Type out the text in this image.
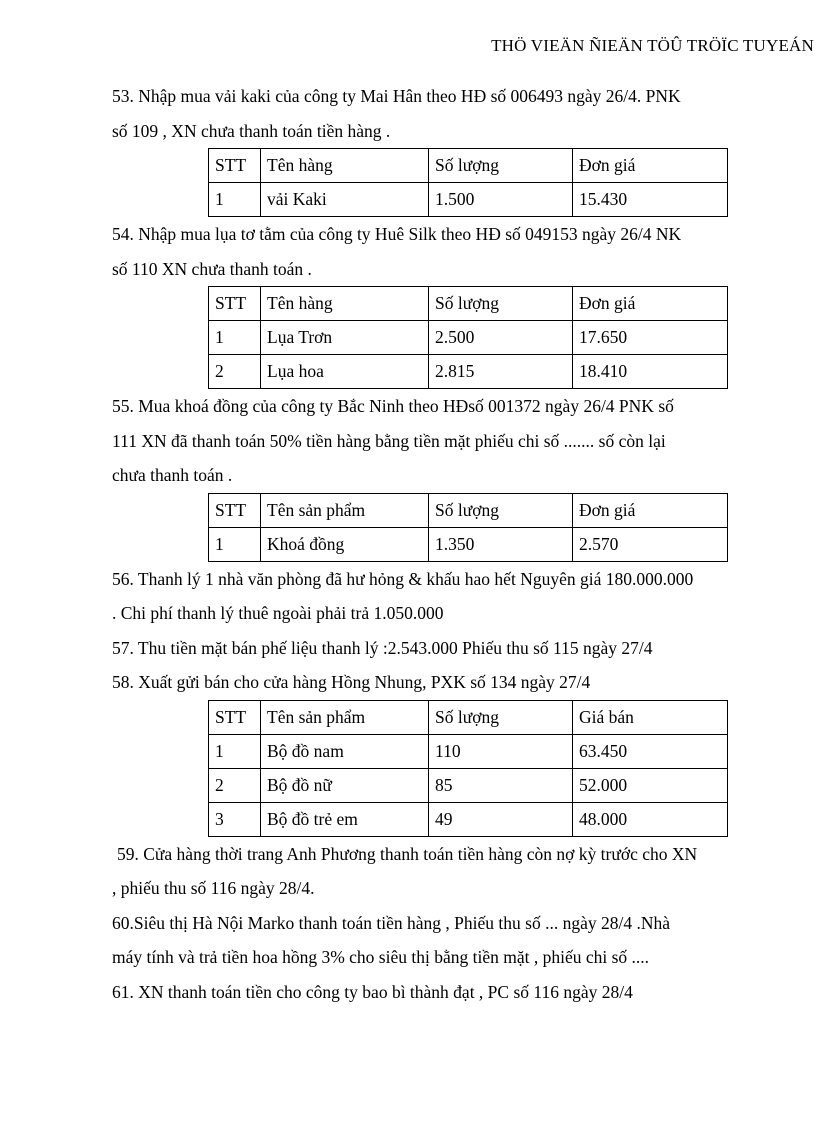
THÖ VIEÄN ÑIEÄN TÖÛ TRÖÏC TUYEÁN

53. Nhập mua vải kaki của công ty Mai Hân theo HĐ số 006493 ngày 26/4. PNK

số 109 , XN chưa thanh toán tiền hàng .

STT	Tên hàng	Số lượng	Đơn giá
1	vải Kaki	1.500	15.430

54. Nhập mua lụa tơ tằm của công ty Huê Silk theo HĐ số 049153 ngày 26/4 NK

số 110 XN chưa thanh toán .

STT	Tên hàng	Số lượng	Đơn giá
1	Lụa Trơn	2.500	17.650
2	Lụa hoa	2.815	18.410

55. Mua khoá đồng của công ty Bắc Ninh theo HĐsố 001372 ngày 26/4 PNK số

111 XN đã thanh toán 50% tiền hàng bằng tiền mặt phiếu chi số ....... số còn lại

chưa thanh toán .

STT	Tên sản phẩm	Số lượng	Đơn giá
1	Khoá đồng	1.350	2.570

56. Thanh lý 1 nhà văn phòng đã hư hỏng & khấu hao hết Nguyên giá 180.000.000

. Chi phí thanh lý thuê ngoài phải trả 1.050.000

57. Thu tiền mặt bán phế liệu thanh lý :2.543.000 Phiếu thu số 115 ngày 27/4

58. Xuất gửi bán cho cửa hàng Hồng Nhung, PXK số 134 ngày 27/4

STT	Tên sản phẩm	Số lượng	Giá bán
1	Bộ đồ nam	110	63.450
2	Bộ đồ nữ	85	52.000
3	Bộ đồ trẻ em	49	48.000

59. Cửa hàng thời trang Anh Phương thanh toán tiền hàng còn nợ kỳ trước cho XN

, phiếu thu số 116 ngày 28/4.

60.Siêu thị Hà Nội Marko thanh toán tiền hàng , Phiếu thu số ... ngày 28/4 .Nhà

máy tính và trả tiền hoa hồng 3% cho siêu thị bằng tiền mặt , phiếu chi số ....

61. XN thanh toán tiền cho công ty bao bì thành đạt , PC số 116 ngày 28/4
